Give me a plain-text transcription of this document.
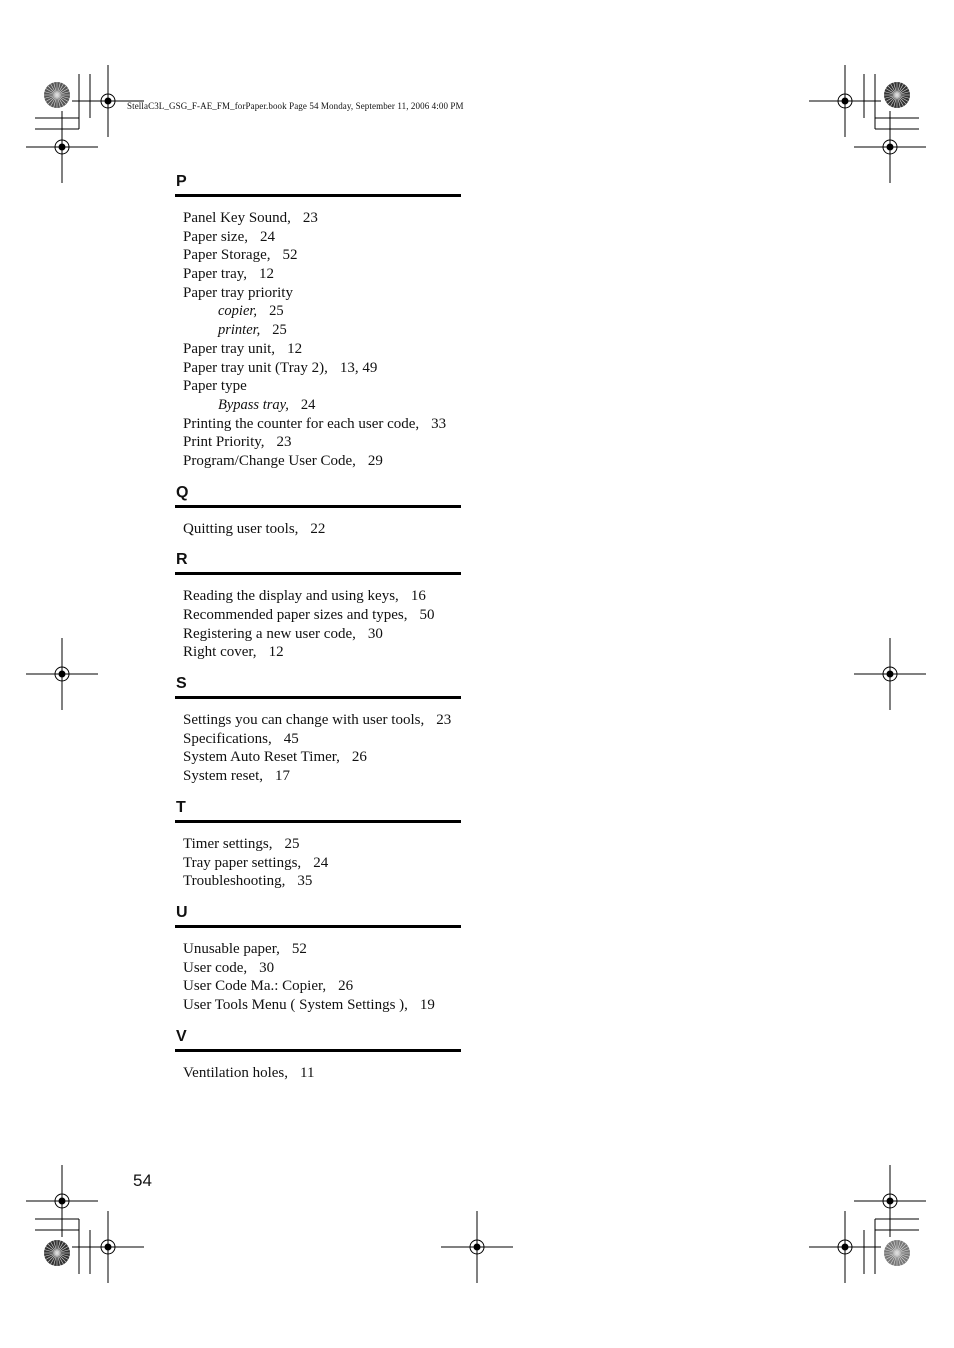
StellaC3L_GSG_F-AE_FM_forPaper.book Page 54 Monday, September 11, 2006 4:00 PM
P
Panel Key Sound, 23
Paper size, 24
Paper Storage, 52
Paper tray, 12
Paper tray priority
copier, 25
printer, 25
Paper tray unit, 12
Paper tray unit (Tray 2), 13, 49
Paper type
Bypass tray, 24
Printing the counter for each user code, 33
Print Priority, 23
Program/Change User Code, 29
Q
Quitting user tools, 22
R
Reading the display and using keys, 16
Recommended paper sizes and types, 50
Registering a new user code, 30
Right cover, 12
S
Settings you can change with user tools, 23
Specifications, 45
System Auto Reset Timer, 26
System reset, 17
T
Timer settings, 25
Tray paper settings, 24
Troubleshooting, 35
U
Unusable paper, 52
User code, 30
User Code Ma.: Copier, 26
User Tools Menu ( System Settings ), 19
V
Ventilation holes, 11
54
